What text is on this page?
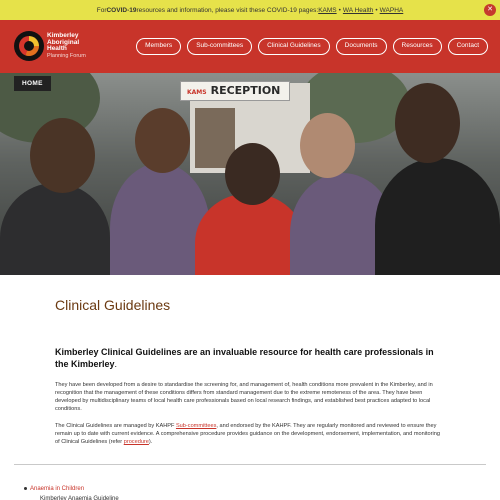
For COVID-19 resources and information, please visit these COVID-19 pages: KAMS • WA Health • WAPHA	✕
Kimberley
Aboriginal
Health
Planning Forum
Members	Sub-committees	Clinical Guidelines	Documents	Resources	Contact
KAMS RECEPTION
HOME
Clinical Guidelines

Kimberley Clinical Guidelines are an invaluable resource for health care professionals in the Kimberley.

They have been developed from a desire to standardise the screening for, and management of, health conditions more prevalent in the Kimberley, and in recognition that the management of these conditions differs from standard management due to the extreme remoteness of the area. They have been developed by multidisciplinary teams of local health care professionals based on local research findings, and established best practices adapted to local conditions.

The Clinical Guidelines are managed by KAHPF Sub-committees, and endorsed by the KAHPF. They are regularly monitored and reviewed to ensure they remain up to date with current evidence. A comprehensive procedure provides guidance on the development, endorsement, implementation, and monitoring of Clinical Guidelines (refer procedure).

Anaemia in Children
Kimberley Anaemia Guideline
